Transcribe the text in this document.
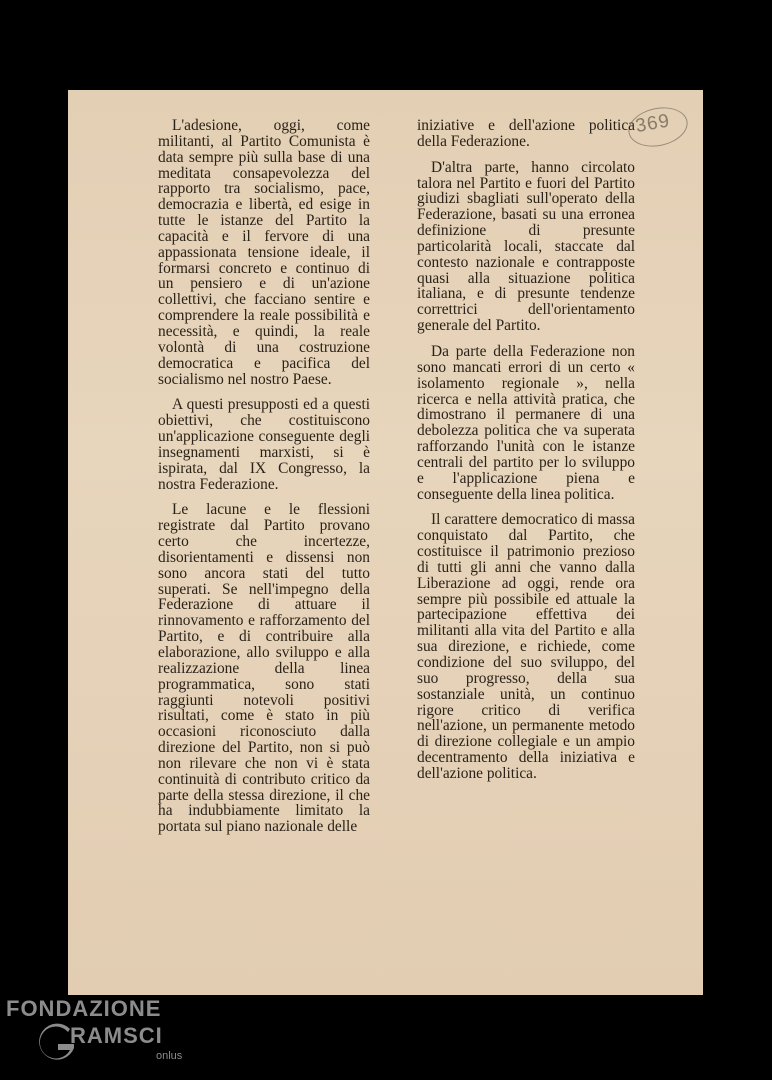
369

L'adesione, oggi, come militanti, al Partito Comunista è data sempre più sulla base di una meditata consapevolezza del rapporto tra socialismo, pace, democrazia e libertà, ed esige in tutte le istanze del Partito la capacità e il fervore di una appassionata tensione ideale, il formarsi concreto e continuo di un pensiero e di un'azione collettivi, che facciano sentire e comprendere la reale possibilità e necessità, e quindi, la reale volontà di una costruzione democratica e pacifica del socialismo nel nostro Paese.

A questi presupposti ed a questi obiettivi, che costituiscono un'applicazione conseguente degli insegnamenti marxisti, si è ispirata, dal IX Congresso, la nostra Federazione.

Le lacune e le flessioni registrate dal Partito provano certo che incertezze, disorientamenti e dissensi non sono ancora stati del tutto superati. Se nell'impegno della Federazione di attuare il rinnovamento e rafforzamento del Partito, e di contribuire alla elaborazione, allo sviluppo e alla realizzazione della linea programmatica, sono stati raggiunti notevoli positivi risultati, come è stato in più occasioni riconosciuto dalla direzione del Partito, non si può non rilevare che non vi è stata continuità di contributo critico da parte della stessa direzione, il che ha indubbiamente limitato la portata sul piano nazionale delle

iniziative e dell'azione politica della Federazione.

D'altra parte, hanno circolato talora nel Partito e fuori del Partito giudizi sbagliati sull'operato della Federazione, basati su una erronea definizione di presunte particolarità locali, staccate dal contesto nazionale e contrapposte quasi alla situazione politica italiana, e di presunte tendenze correttrici dell'orientamento generale del Partito.

Da parte della Federazione non sono mancati errori di un certo « isolamento regionale », nella ricerca e nella attività pratica, che dimostrano il permanere di una debolezza politica che va superata rafforzando l'unità con le istanze centrali del partito per lo sviluppo e l'applicazione piena e conseguente della linea politica.

Il carattere democratico di massa conquistato dal Partito, che costituisce il patrimonio prezioso di tutti gli anni che vanno dalla Liberazione ad oggi, rende ora sempre più possibile ed attuale la partecipazione effettiva dei militanti alla vita del Partito e alla sua direzione, e richiede, come condizione del suo sviluppo, del suo progresso, della sua sostanziale unità, un continuo rigore critico di verifica nell'azione, un permanente metodo di direzione collegiale e un ampio decentramento della iniziativa e dell'azione politica.

FONDAZIONE
RAMSCI
onlus
